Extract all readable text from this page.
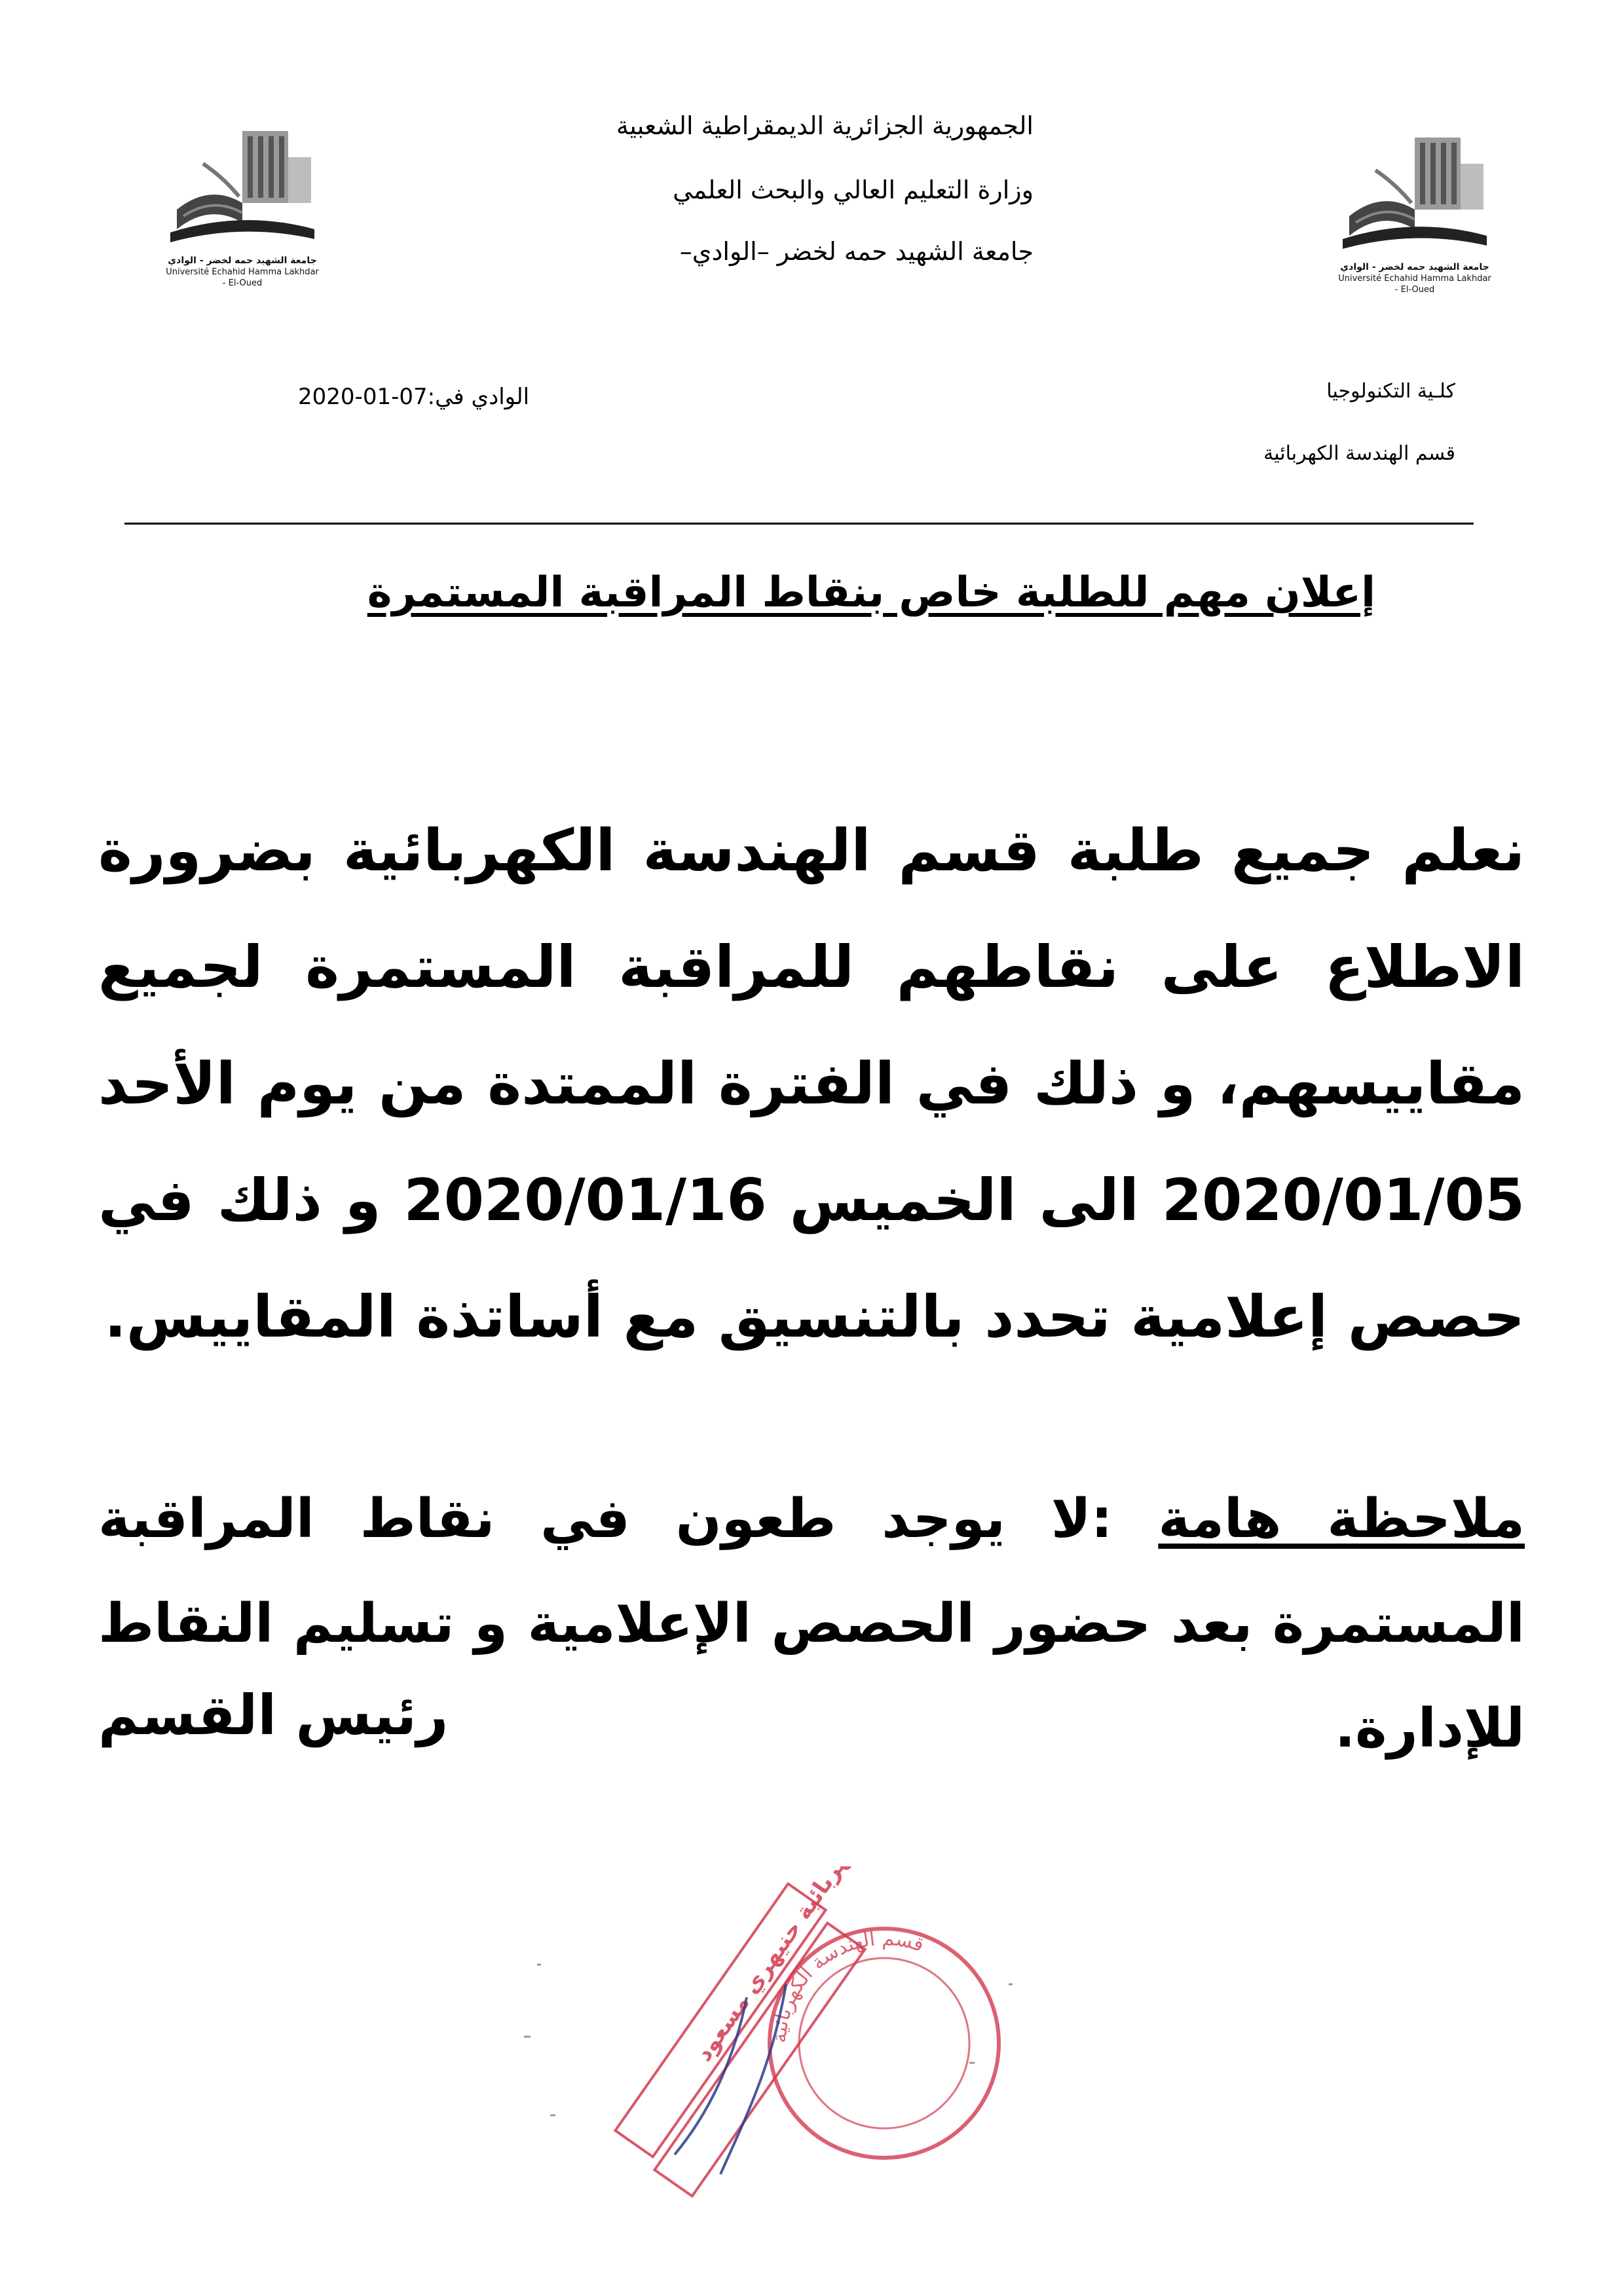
الجمهورية الجزائرية الديمقراطية الشعبية
وزارة التعليم العالي والبحث العلمي
جامعة الشهيد حمه لخضر –الوادي–
جامعة الشهيد حمه لخضر - الوادي
Université Echahid Hamma Lakhdar - El-Oued
جامعة الشهيد حمه لخضر - الوادي
Université Echahid Hamma Lakhdar - El-Oued
كلـية التكنولوجيا
قسم الهندسة الكهربائية
الوادي في:07-01-2020
إعلان مهم للطلبة خاص بنقاط المراقبة المستمرة
نعلم جميع طلبة قسم الهندسة الكهربائية بضرورة الاطلاع على نقاطهم للمراقبة المستمرة لجميع مقاييسهم، و ذلك في الفترة الممتدة من يوم الأحد 2020/01/05 الى الخميس 2020/01/16 و ذلك في حصص إعلامية تحدد بالتنسيق مع أساتذة المقاييس.
ملاحظة هامة :لا يوجد طعون في نقاط المراقبة المستمرة بعد حضور الحصص الإعلامية و تسليم النقاط للإدارة.
رئيس القسم
قسم الهندسة الكهربائية
